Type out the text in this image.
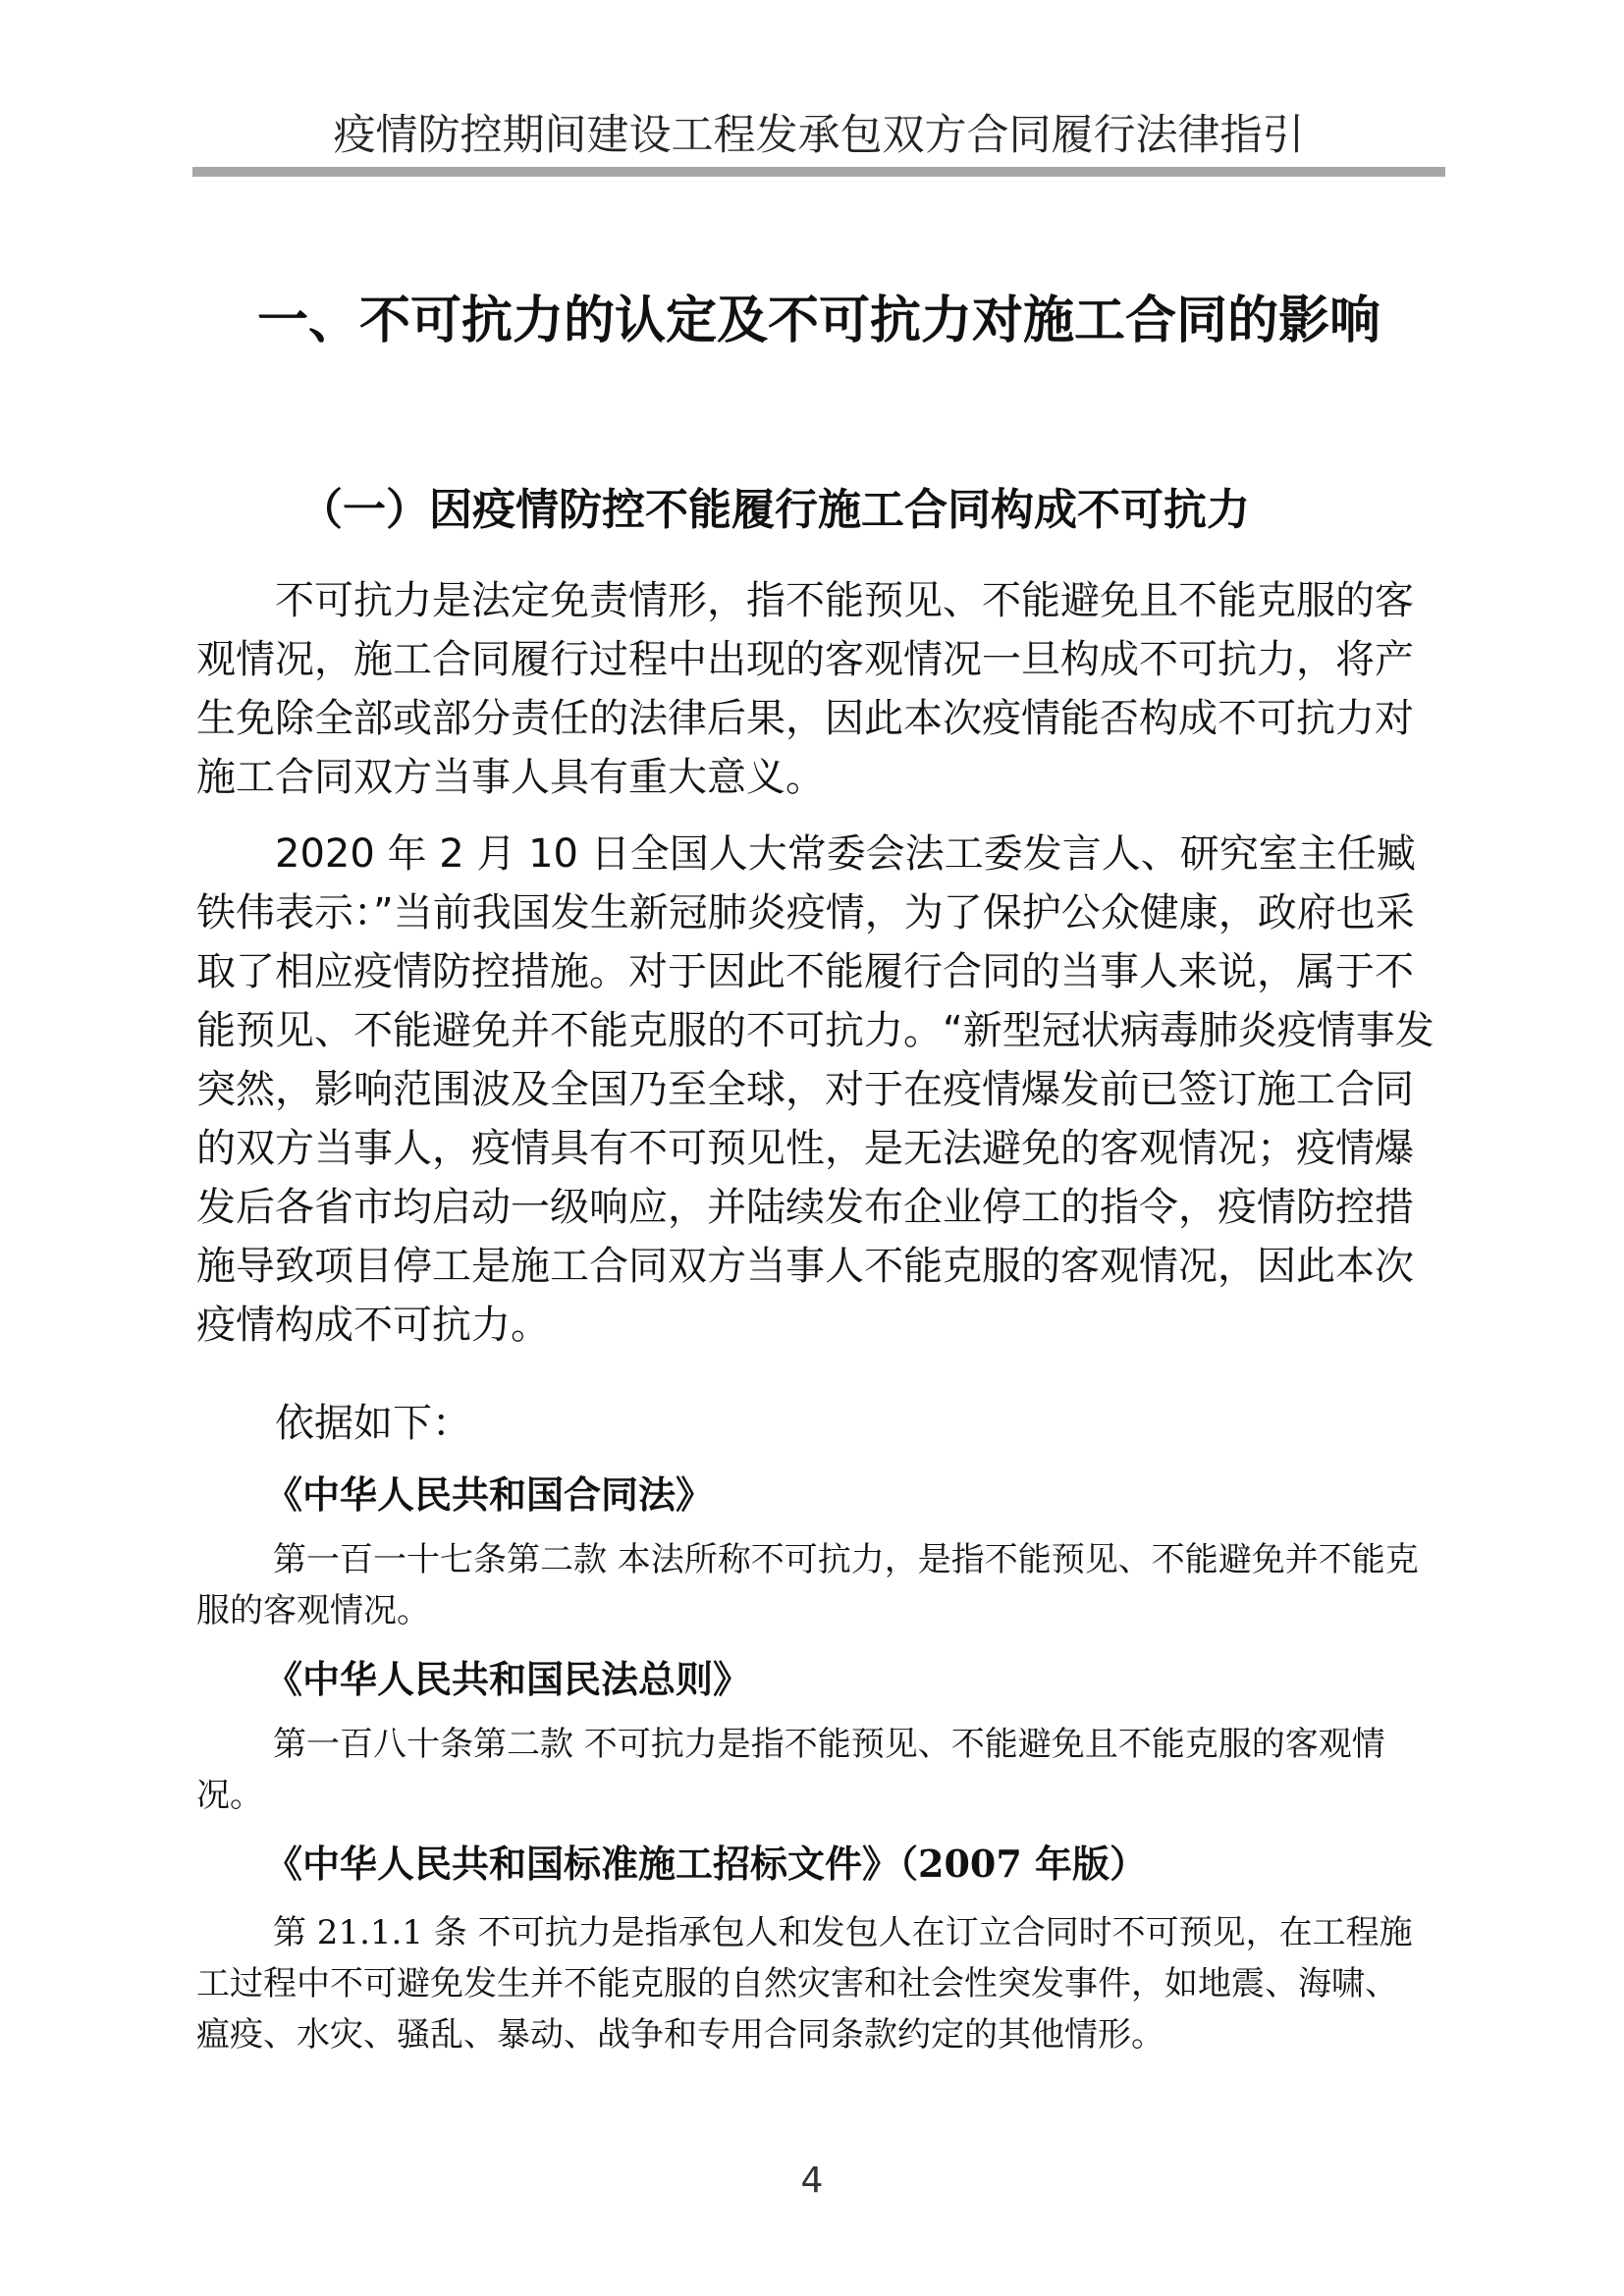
疫情防控期间建设工程发承包双方合同履行法律指引
一、不可抗力的认定及不可抗力对施工合同的影响
（一）因疫情防控不能履行施工合同构成不可抗力

不可抗力是法定免责情形，指不能预见、不能避免且不能克服的客观情况，施工合同履行过程中出现的客观情况一旦构成不可抗力，将产生免除全部或部分责任的法律后果，因此本次疫情能否构成不可抗力对施工合同双方当事人具有重大意义。

2020 年 2 月 10 日全国人大常委会法工委发言人、研究室主任臧铁伟表示：”当前我国发生新冠肺炎疫情，为了保护公众健康，政府也采取了相应疫情防控措施。对于因此不能履行合同的当事人来说，属于不能预见、不能避免并不能克服的不可抗力。“新型冠状病毒肺炎疫情事发突然，影响范围波及全国乃至全球，对于在疫情爆发前已签订施工合同的双方当事人，疫情具有不可预见性，是无法避免的客观情况；疫情爆发后各省市均启动一级响应，并陆续发布企业停工的指令，疫情防控措施导致项目停工是施工合同双方当事人不能克服的客观情况，因此本次疫情构成不可抗力。

依据如下：

《中华人民共和国合同法》

第一百一十七条第二款 本法所称不可抗力，是指不能预见、不能避免并不能克服的客观情况。

《中华人民共和国民法总则》

第一百八十条第二款 不可抗力是指不能预见、不能避免且不能克服的客观情况。

《中华人民共和国标准施工招标文件》（2007 年版）

第 21.1.1 条 不可抗力是指承包人和发包人在订立合同时不可预见，在工程施工过程中不可避免发生并不能克服的自然灾害和社会性突发事件，如地震、海啸、瘟疫、水灾、骚乱、暴动、战争和专用合同条款约定的其他情形。

4
